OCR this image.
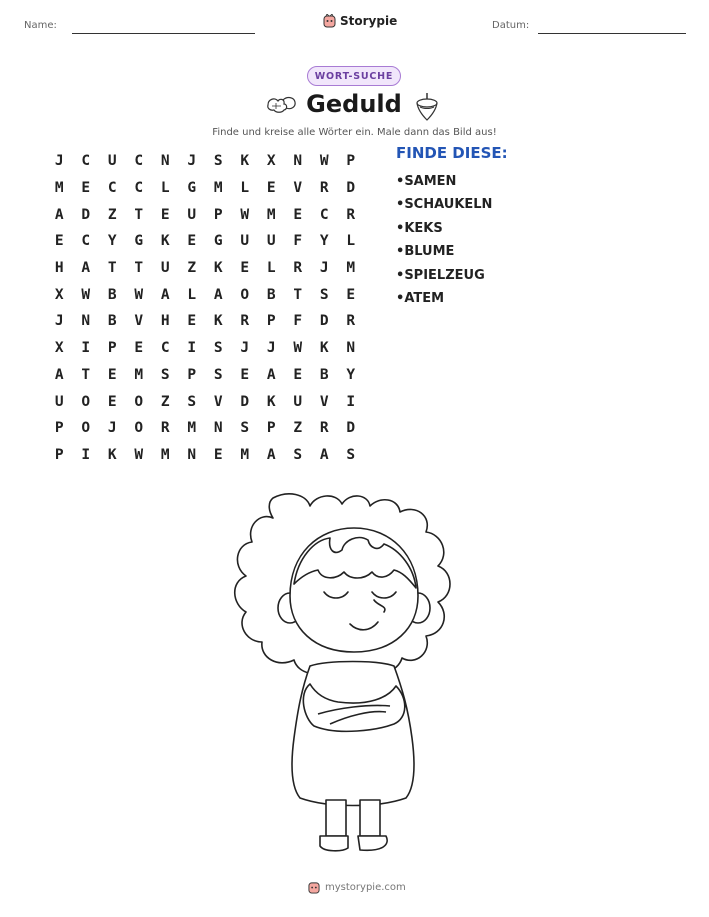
Name:	Storypie	Datum:
WORT-SUCHE
Geduld
Finde und kreise alle Wörter ein. Male dann das Bild aus!
J	C	U	C	N	J	S	K	X	N	W	P
M	E	C	C	L	G	M	L	E	V	R	D
A	D	Z	T	E	U	P	W	M	E	C	R
E	C	Y	G	K	E	G	U	U	F	Y	L
H	A	T	T	U	Z	K	E	L	R	J	M
X	W	B	W	A	L	A	O	B	T	S	E
J	N	B	V	H	E	K	R	P	F	D	R
X	I	P	E	C	I	S	J	J	W	K	N
A	T	E	M	S	P	S	E	A	E	B	Y
U	O	E	O	Z	S	V	D	K	U	V	I
P	O	J	O	R	M	N	S	P	Z	R	D
P	I	K	W	M	N	E	M	A	S	A	S
FINDE DIESE:
• SAMEN
• SCHAUKELN
• KEKS
• BLUME
• SPIELZEUG
• ATEM
mystorypie.com
